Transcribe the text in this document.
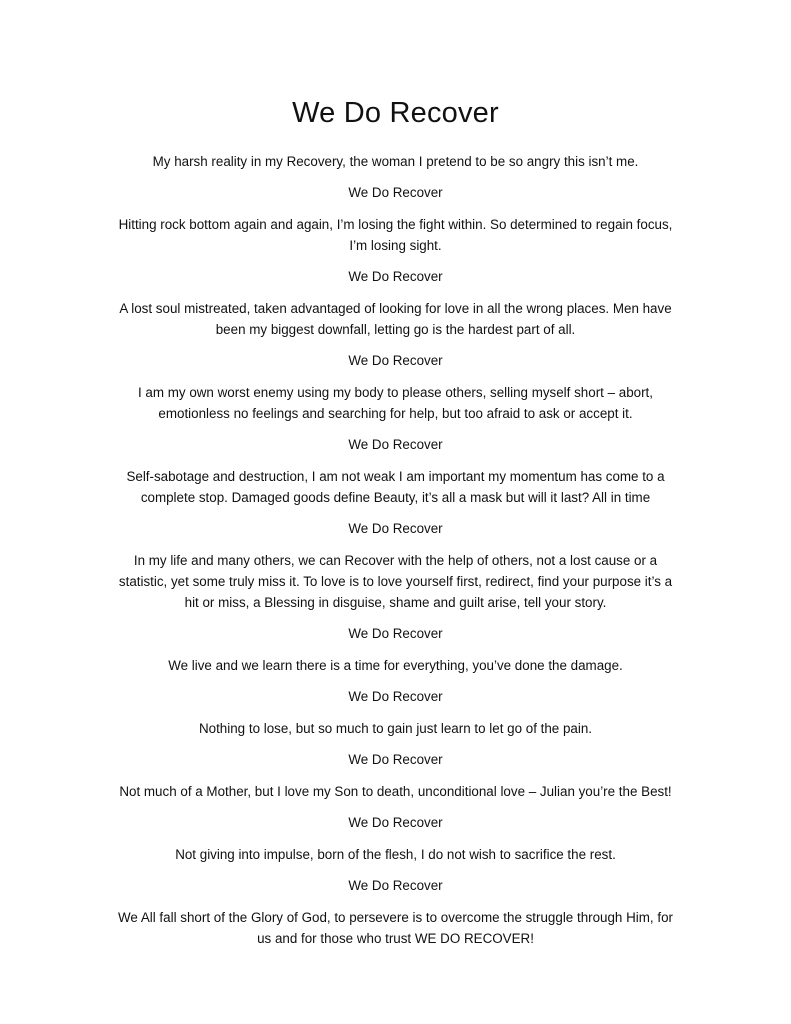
We Do Recover
My harsh reality in my Recovery, the woman I pretend to be so angry this isn’t me.
We Do Recover
Hitting rock bottom again and again, I’m losing the fight within. So determined to regain focus,
I’m losing sight.
We Do Recover
A lost soul mistreated, taken advantaged of looking for love in all the wrong places. Men have
been my biggest downfall, letting go is the hardest part of all.
We Do Recover
I am my own worst enemy using my body to please others, selling myself short – abort,
emotionless no feelings and searching for help, but too afraid to ask or accept it.
We Do Recover
Self-sabotage and destruction, I am not weak I am important my momentum has come to a
complete stop. Damaged goods define Beauty, it’s all a mask but will it last? All in time
We Do Recover
In my life and many others, we can Recover with the help of others, not a lost cause or a
statistic, yet some truly miss it. To love is to love yourself first, redirect, find your purpose it’s a
hit or miss, a Blessing in disguise, shame and guilt arise, tell your story.
We Do Recover
We live and we learn there is a time for everything, you’ve done the damage.
We Do Recover
Nothing to lose, but so much to gain just learn to let go of the pain.
We Do Recover
Not much of a Mother, but I love my Son to death, unconditional love – Julian you’re the Best!
We Do Recover
Not giving into impulse, born of the flesh, I do not wish to sacrifice the rest.
We Do Recover
We All fall short of the Glory of God, to persevere is to overcome the struggle through Him, for
us and for those who trust WE DO RECOVER!
